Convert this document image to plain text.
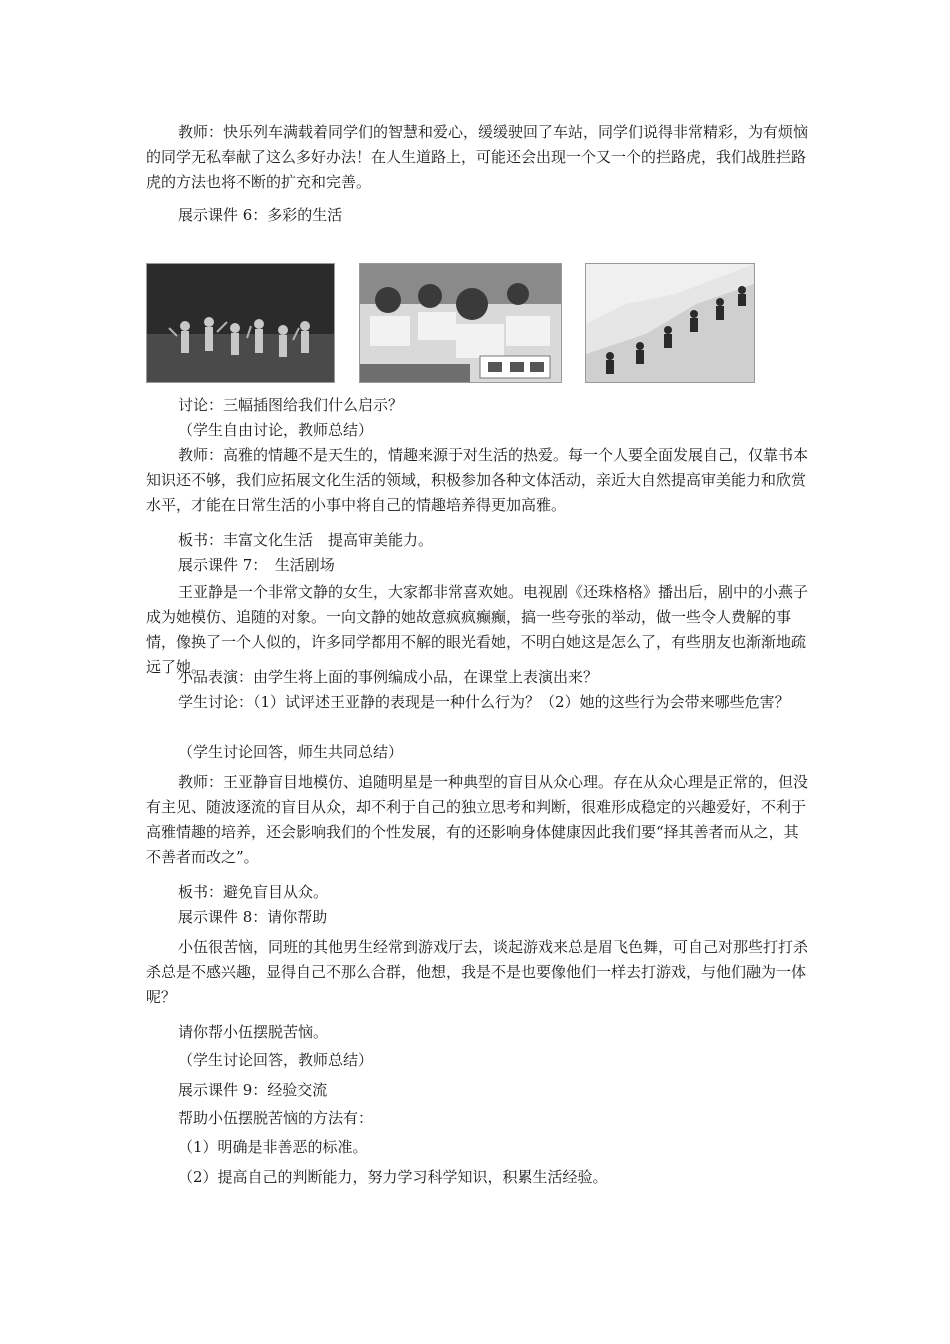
教师：快乐列车满载着同学们的智慧和爱心，缓缓驶回了车站，同学们说得非常精彩，为有烦恼的同学无私奉献了这么多好办法！在人生道路上，可能还会出现一个又一个的拦路虎，我们战胜拦路虎的方法也将不断的扩充和完善。

展示课件 6：多彩的生活

讨论：三幅插图给我们什么启示？

（学生自由讨论，教师总结）

教师：高雅的情趣不是天生的，情趣来源于对生活的热爱。每一个人要全面发展自己，仅靠书本知识还不够，我们应拓展文化生活的领域，积极参加各种文体活动，亲近大自然提高审美能力和欣赏水平，才能在日常生活的小事中将自己的情趣培养得更加高雅。

板书：丰富文化生活　提高审美能力。

展示课件 7：　生活剧场

王亚静是一个非常文静的女生，大家都非常喜欢她。电视剧《还珠格格》播出后，剧中的小燕子成为她模仿、追随的对象。一向文静的她故意疯疯癫癫，搞一些夸张的举动，做一些令人费解的事情，像换了一个人似的，许多同学都用不解的眼光看她，不明白她这是怎么了，有些朋友也渐渐地疏远了她。

小品表演：由学生将上面的事例编成小品，在课堂上表演出来？

学生讨论：（1）试评述王亚静的表现是一种什么行为？（2）她的这些行为会带来哪些危害？

（学生讨论回答，师生共同总结）

教师：王亚静盲目地模仿、追随明星是一种典型的盲目从众心理。存在从众心理是正常的，但没有主见、随波逐流的盲目从众，却不利于自己的独立思考和判断，很难形成稳定的兴趣爱好，不利于高雅情趣的培养，还会影响我们的个性发展，有的还影响身体健康因此我们要“择其善者而从之，其不善者而改之”。

板书：避免盲目从众。

展示课件 8：请你帮助

小伍很苦恼，同班的其他男生经常到游戏厅去，谈起游戏来总是眉飞色舞，可自己对那些打打杀杀总是不感兴趣，显得自己不那么合群，他想，我是不是也要像他们一样去打游戏，与他们融为一体呢？

请你帮小伍摆脱苦恼。

（学生讨论回答，教师总结）

展示课件 9：经验交流

帮助小伍摆脱苦恼的方法有：

（1）明确是非善恶的标准。

（2）提高自己的判断能力，努力学习科学知识，积累生活经验。
